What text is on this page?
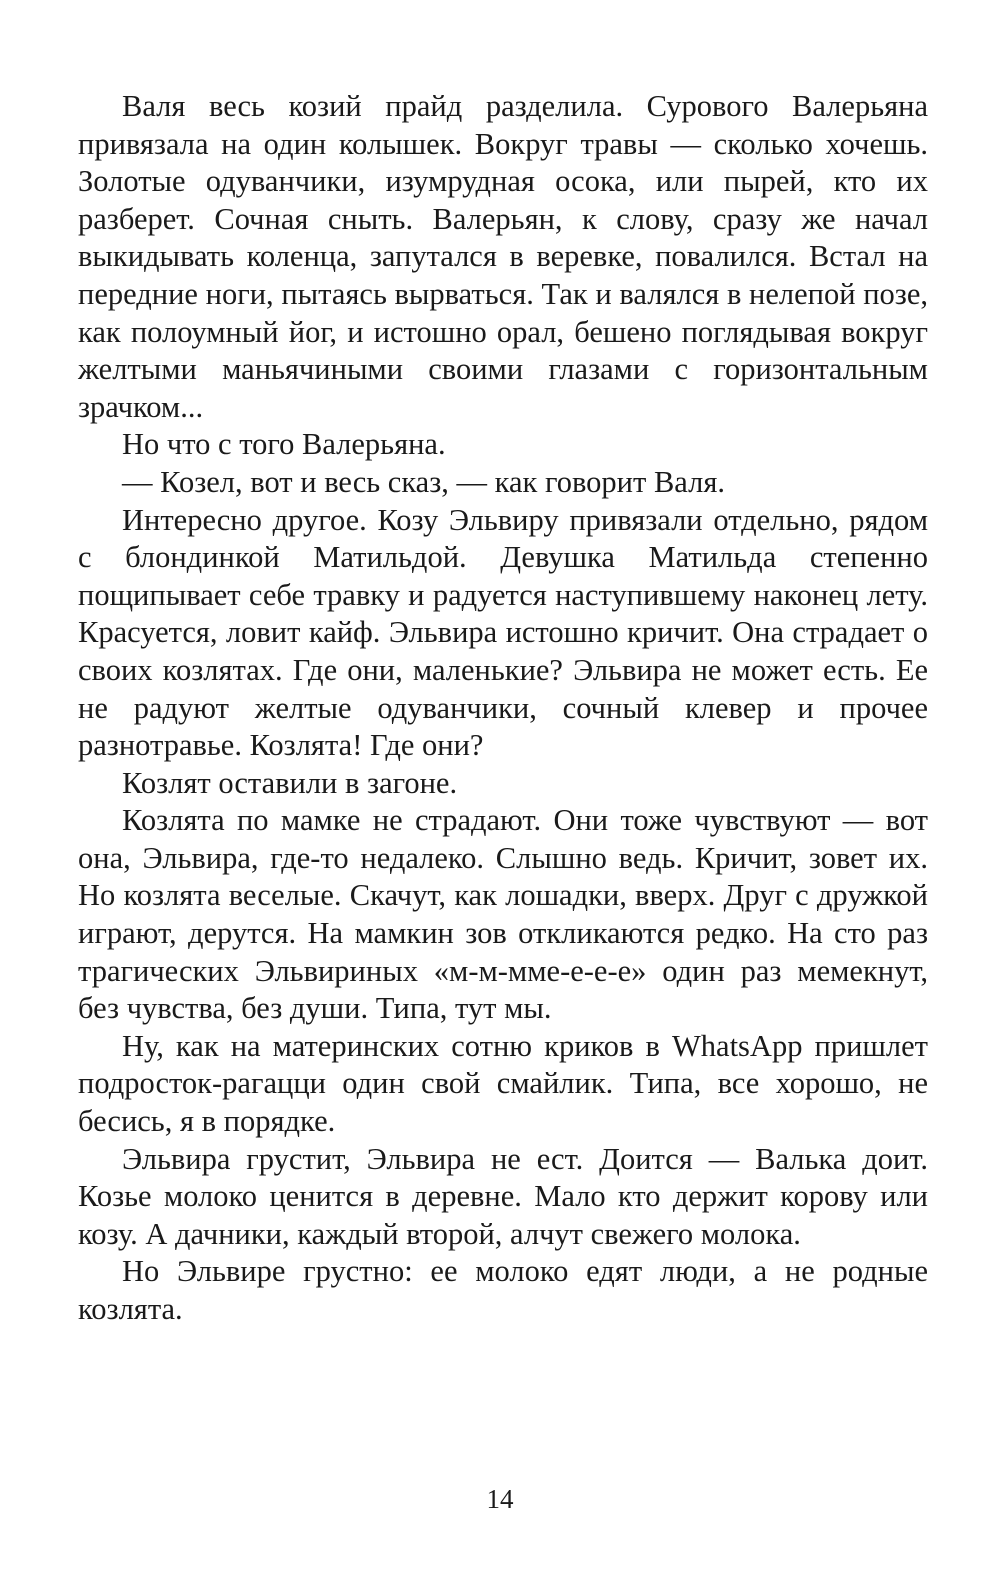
Валя весь козий прайд разделила. Сурового Валерьяна привязала на один колышек. Вокруг травы — сколько хочешь. Золотые одуванчики, изумрудная осока, или пырей, кто их разберет. Сочная сныть. Валерьян, к слову, сразу же начал выкидывать коленца, запутался в веревке, повалился. Встал на передние ноги, пытаясь вырваться. Так и валялся в нелепой позе, как полоумный йог, и истошно орал, бешено поглядывая вокруг желтыми маньячиными своими глазами с горизонтальным зрачком...

Но что с того Валерьяна.

— Козел, вот и весь сказ, — как говорит Валя.

Интересно другое. Козу Эльвиру привязали отдельно, рядом с блондинкой Матильдой. Девушка Матильда степенно пощипывает себе травку и радуется наступившему наконец лету. Красуется, ловит кайф. Эльвира истошно кричит. Она страдает о своих козлятах. Где они, маленькие? Эльвира не может есть. Ее не радуют желтые одуванчики, сочный клевер и прочее разнотравье. Козлята! Где они?

Козлят оставили в загоне.

Козлята по мамке не страдают. Они тоже чувствуют — вот она, Эльвира, где-то недалеко. Слышно ведь. Кричит, зовет их. Но козлята веселые. Скачут, как лошадки, вверх. Друг с дружкой играют, дерутся. На мамкин зов откликаются редко. На сто раз трагических Эльвириных «м-м-мме-е-е-е» один раз мемекнут, без чувства, без души. Типа, тут мы.

Ну, как на материнских сотню криков в WhatsApp пришлет подросток-рагацци один свой смайлик. Типа, все хорошо, не бесись, я в порядке.

Эльвира грустит, Эльвира не ест. Доится — Валька доит. Козье молоко ценится в деревне. Мало кто держит корову или козу. А дачники, каждый второй, алчут свежего молока.

Но Эльвире грустно: ее молоко едят люди, а не родные козлята.

14
